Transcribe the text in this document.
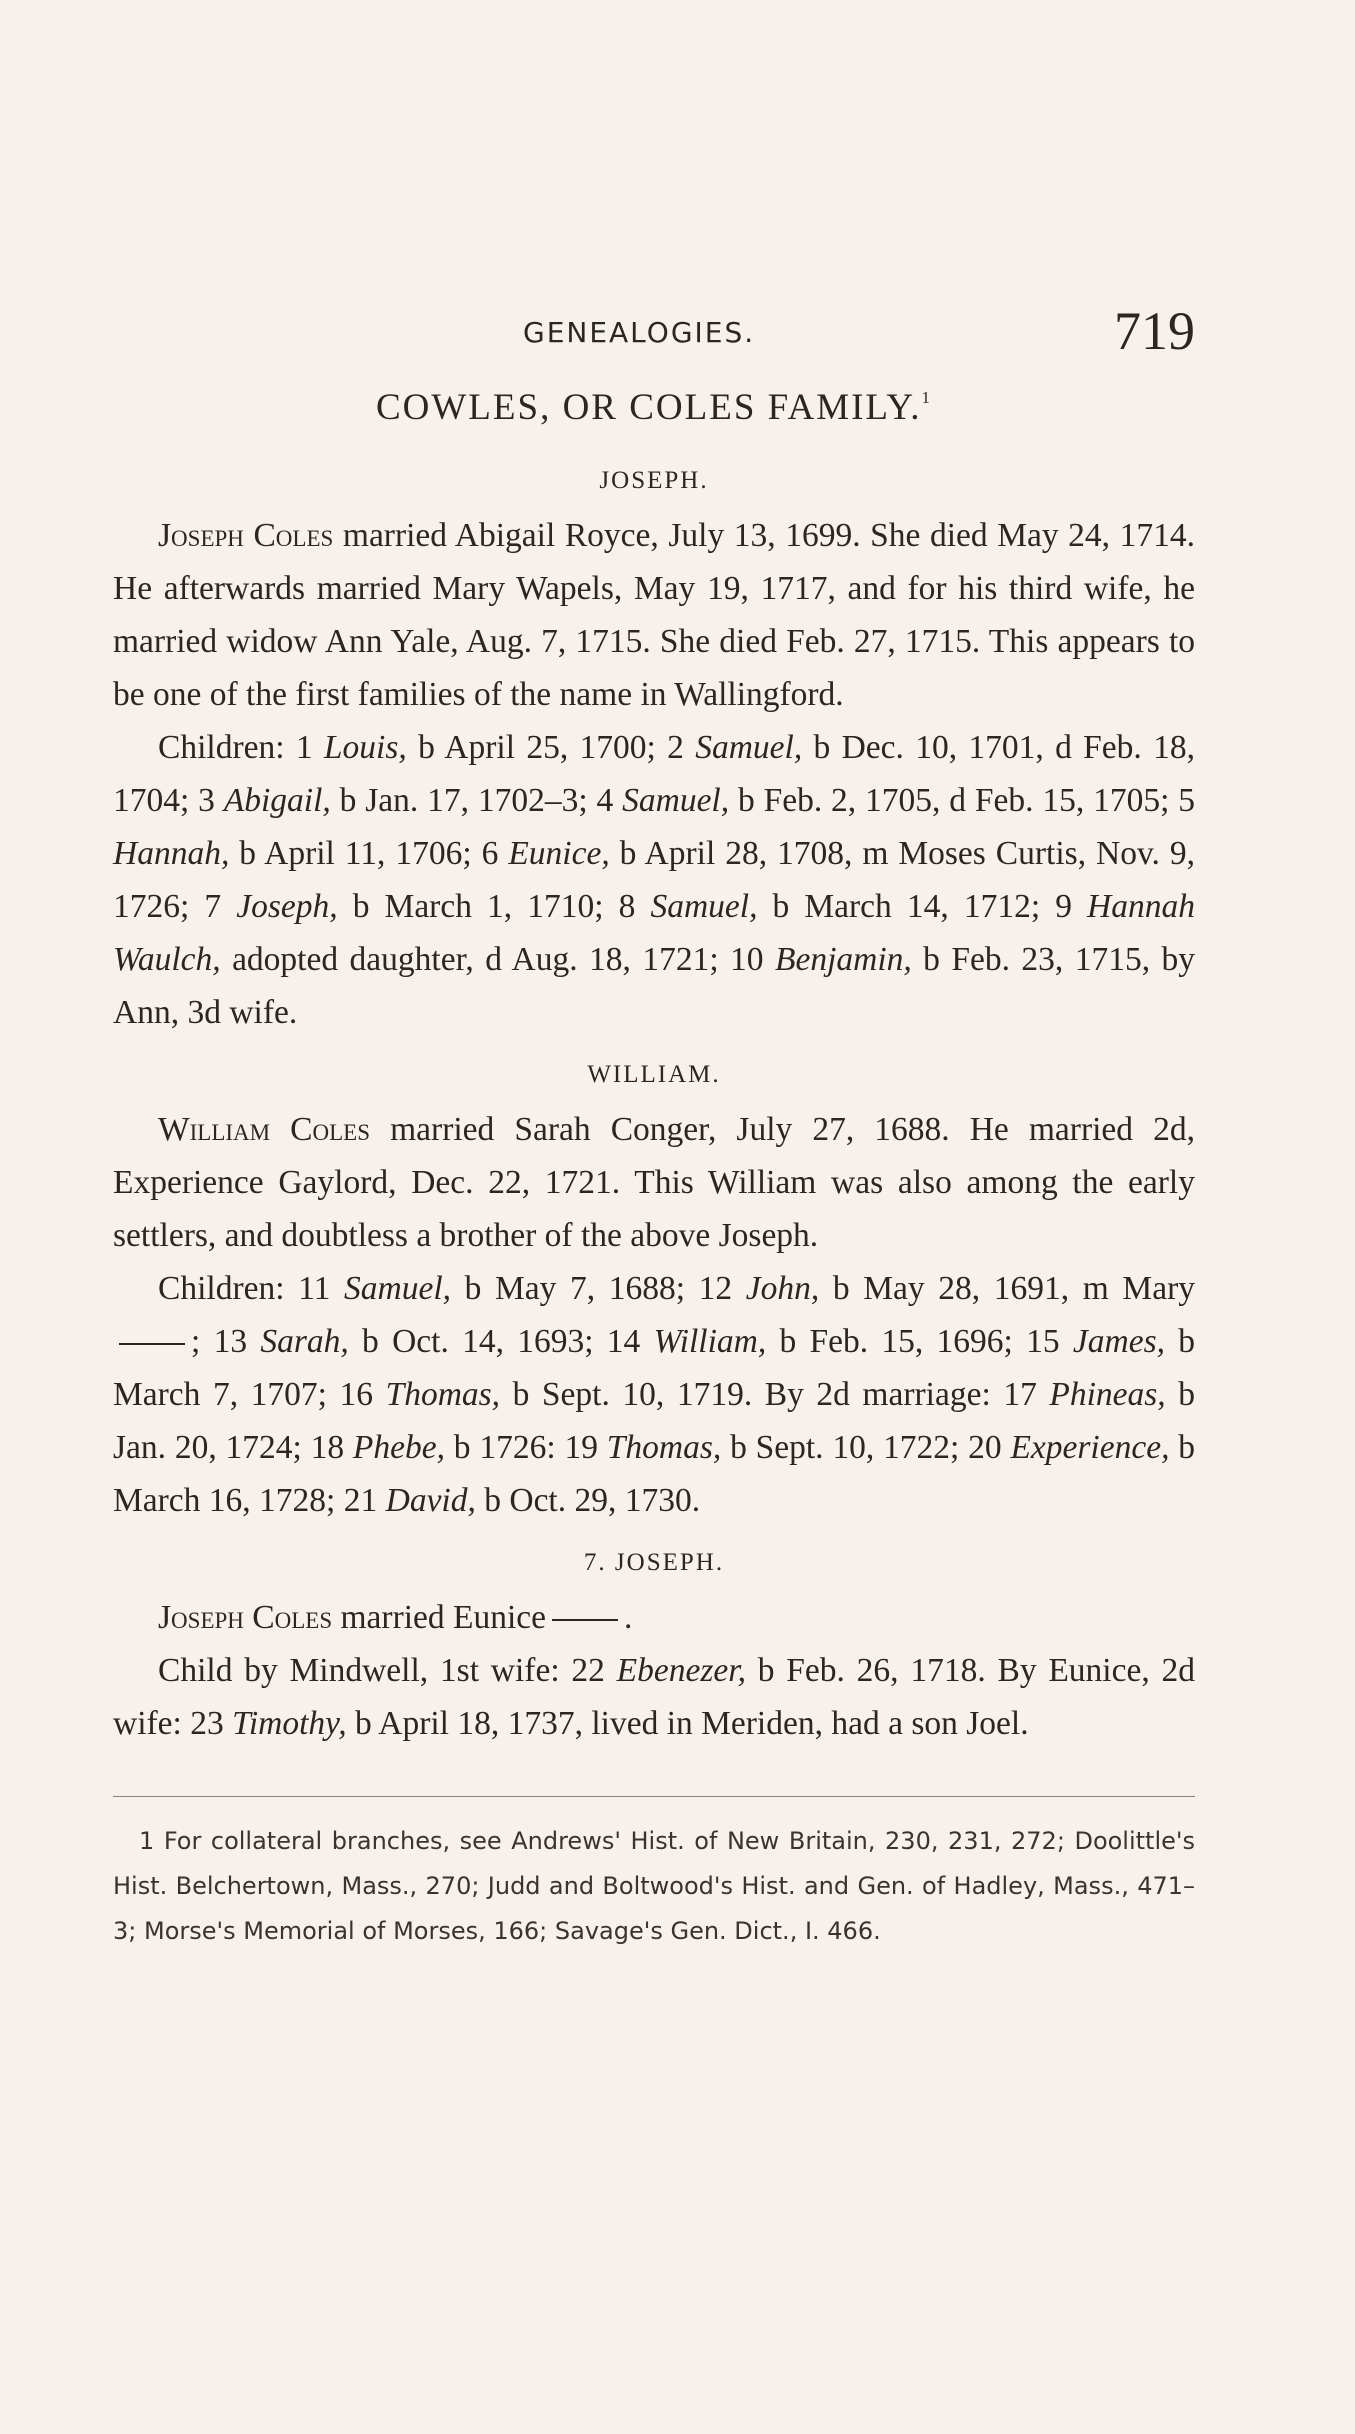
GENEALOGIES.	719
COWLES, OR COLES FAMILY.$^1$
JOSEPH.

Joseph Coles married Abigail Royce, July 13, 1699. She died May 24, 1714. He afterwards married Mary Wapels, May 19, 1717, and for his third wife, he married widow Ann Yale, Aug. 7, 1715. She died Feb. 27, 1715. This appears to be one of the first families of the name in Wallingford.

Children: 1 Louis, b April 25, 1700; 2 Samuel, b Dec. 10, 1701, d Feb. 18, 1704; 3 Abigail, b Jan. 17, 1702–3; 4 Samuel, b Feb. 2, 1705, d Feb. 15, 1705; 5 Hannah, b April 11, 1706; 6 Eunice, b April 28, 1708, m Moses Curtis, Nov. 9, 1726; 7 Joseph, b March 1, 1710; 8 Samuel, b March 14, 1712; 9 Hannah Waulch, adopted daughter, d Aug. 18, 1721; 10 Benjamin, b Feb. 23, 1715, by Ann, 3d wife.

WILLIAM.

William Coles married Sarah Conger, July 27, 1688. He married 2d, Experience Gaylord, Dec. 22, 1721. This William was also among the early settlers, and doubtless a brother of the above Joseph.

Children: 11 Samuel, b May 7, 1688; 12 John, b May 28, 1691, m Mary; 13 Sarah, b Oct. 14, 1693; 14 William, b Feb. 15, 1696; 15 James, b March 7, 1707; 16 Thomas, b Sept. 10, 1719. By 2d marriage: 17 Phineas, b Jan. 20, 1724; 18 Phebe, b 1726: 19 Thomas, b Sept. 10, 1722; 20 Experience, b March 16, 1728; 21 David, b Oct. 29, 1730.

7. JOSEPH.

Joseph Coles married Eunice .

Child by Mindwell, 1st wife: 22 Ebenezer, b Feb. 26, 1718. By Eunice, 2d wife: 23 Timothy, b April 18, 1737, lived in Meriden, had a son Joel.

1 For collateral branches, see Andrews' Hist. of New Britain, 230, 231, 272; Doolittle's Hist. Belchertown, Mass., 270; Judd and Boltwood's Hist. and Gen. of Hadley, Mass., 471–3; Morse's Memorial of Morses, 166; Savage's Gen. Dict., I. 466.
